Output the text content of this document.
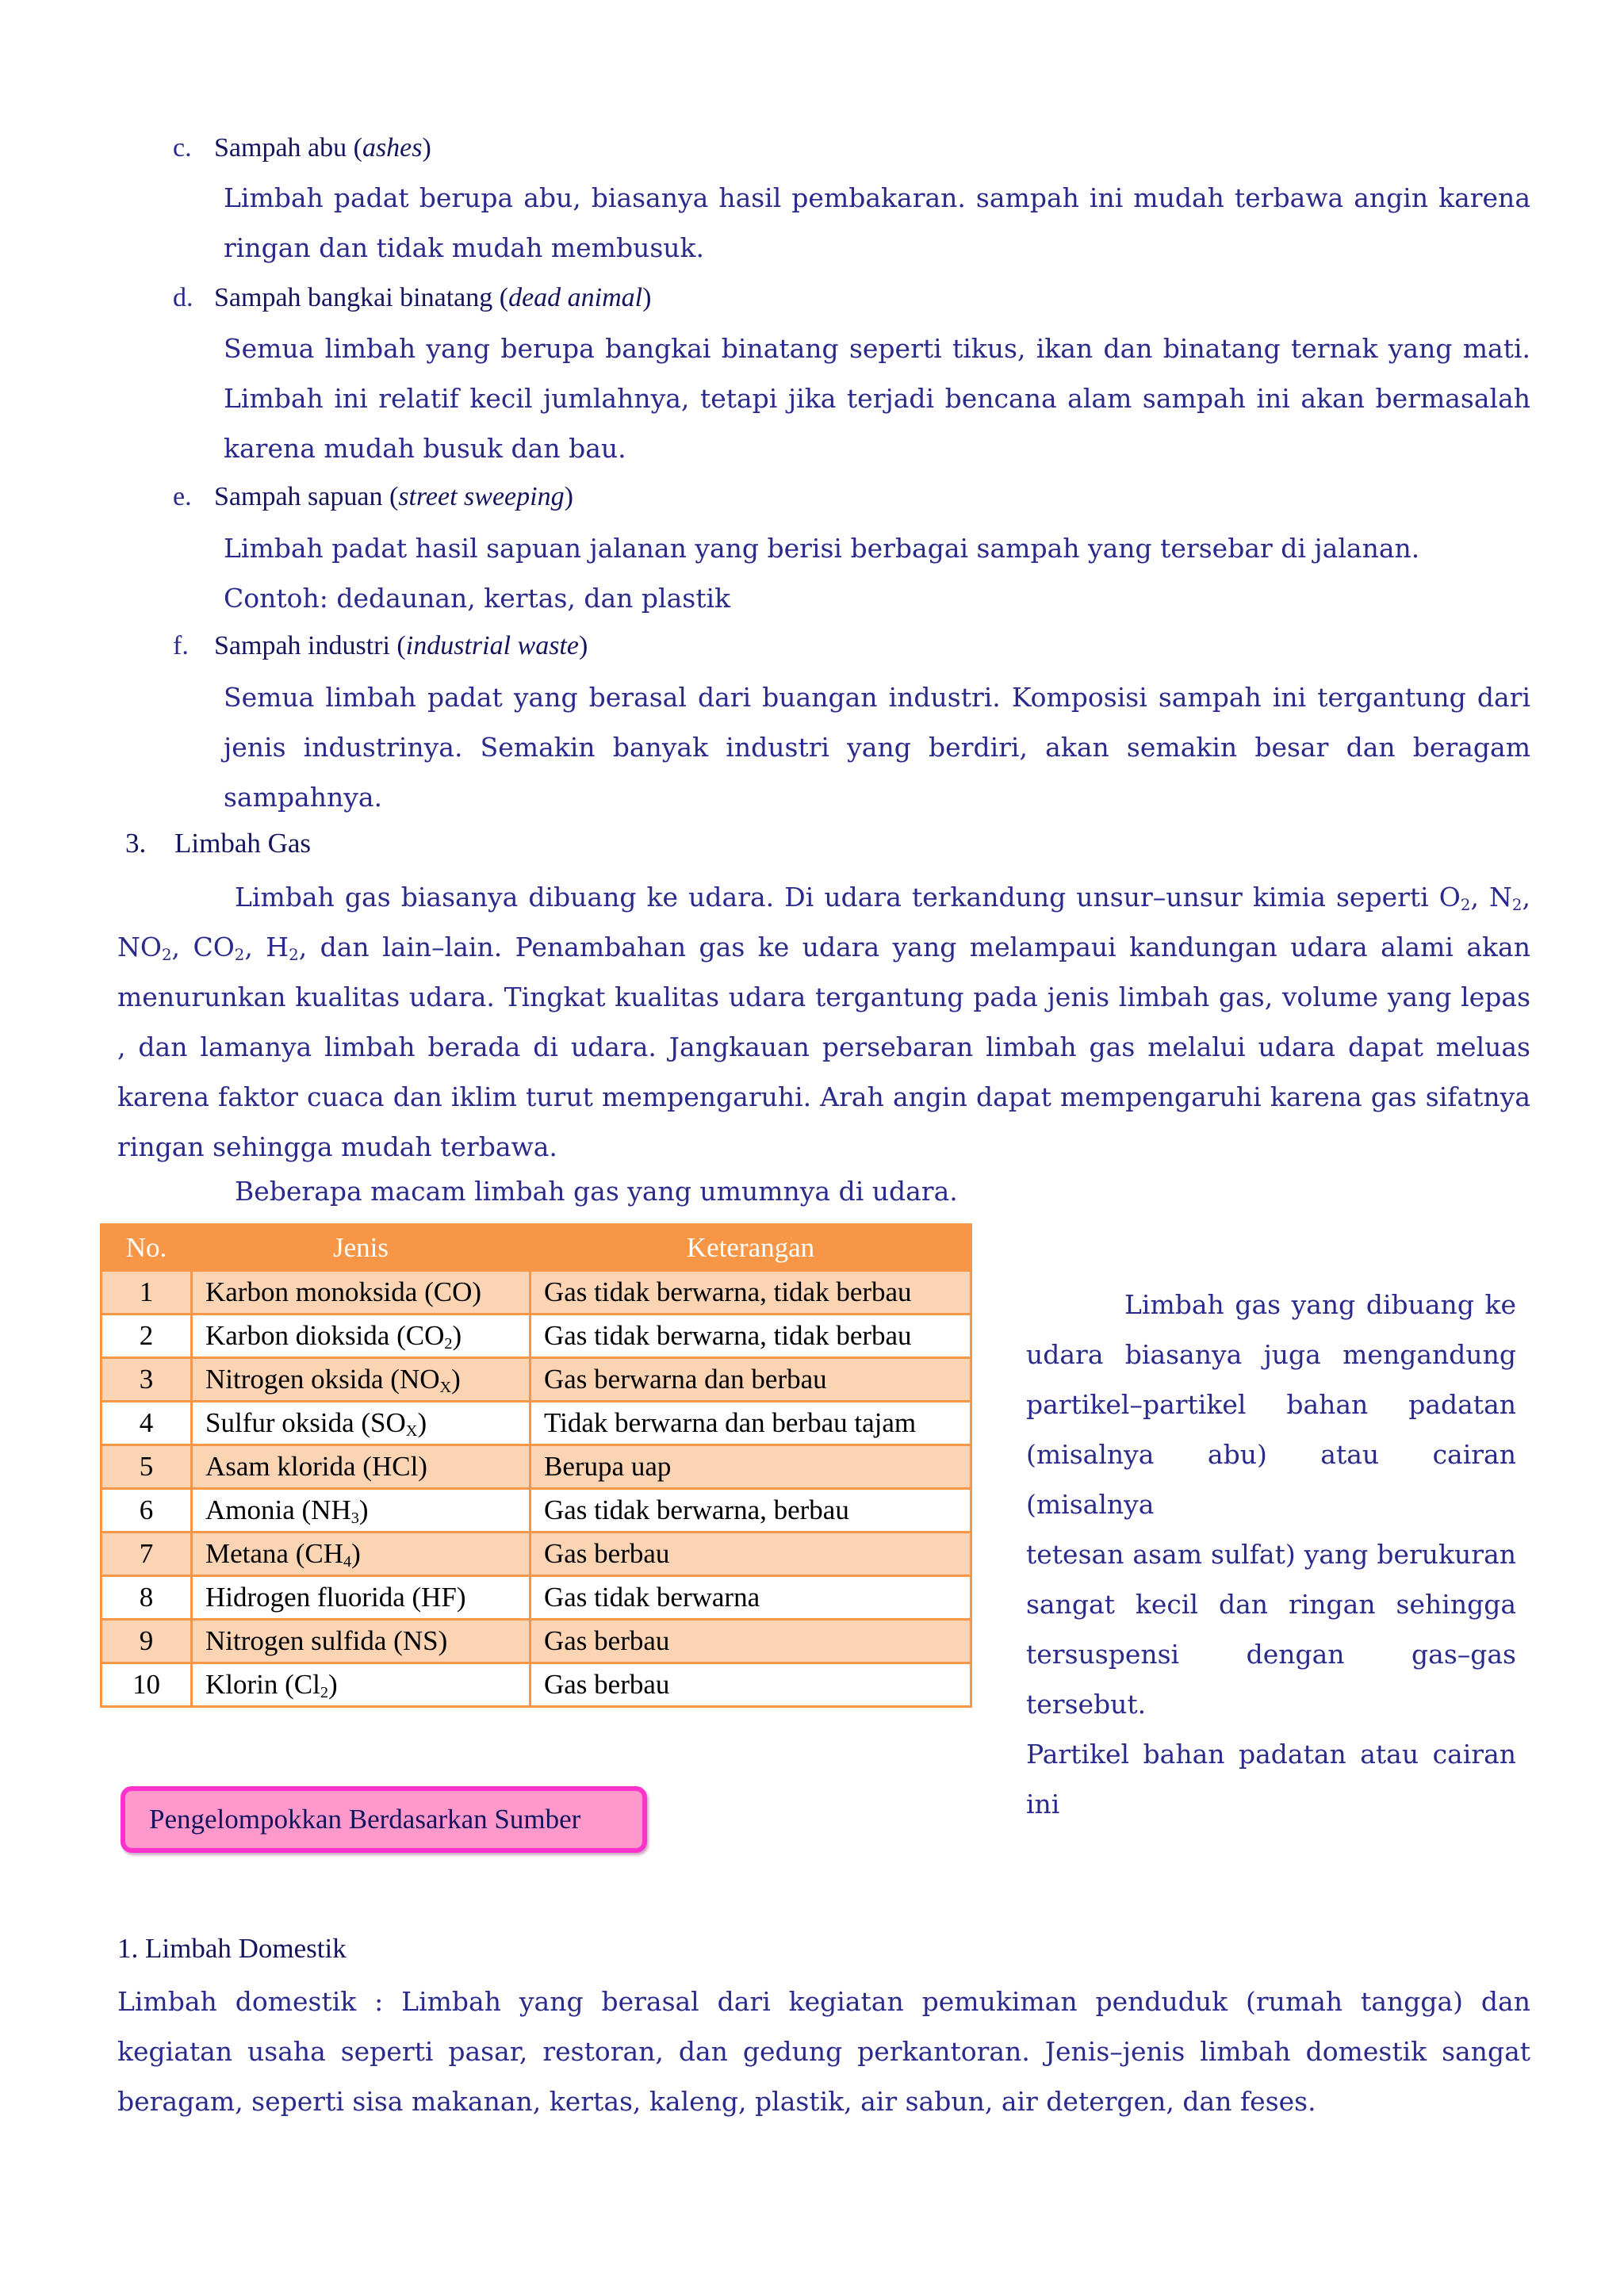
c. Sampah abu (ashes)
Limbah padat berupa abu, biasanya hasil pembakaran. sampah ini mudah terbawa angin karena ringan dan tidak mudah membusuk.
d. Sampah bangkai binatang (dead animal)
Semua limbah yang berupa bangkai binatang seperti tikus, ikan dan binatang ternak yang mati. Limbah ini relatif kecil jumlahnya, tetapi jika terjadi bencana alam sampah ini akan bermasalah karena mudah busuk dan bau.
e. Sampah sapuan (street sweeping)
Limbah padat hasil sapuan jalanan yang berisi berbagai sampah yang tersebar di jalanan.
Contoh: dedaunan, kertas, dan plastik
f. Sampah industri (industrial waste)
Semua limbah padat yang berasal dari buangan industri. Komposisi sampah ini tergantung dari jenis industrinya. Semakin banyak industri yang berdiri, akan semakin besar dan beragam sampahnya.
3. Limbah Gas
Limbah gas biasanya dibuang ke udara. Di udara terkandung unsur–unsur kimia seperti $O_2$, $N_2$, $NO_2$, $CO_2$, $H_2$, dan lain–lain. Penambahan gas ke udara yang melampaui kandungan udara alami akan menurunkan kualitas udara. Tingkat kualitas udara tergantung pada jenis limbah gas, volume yang lepas , dan lamanya limbah berada di udara. Jangkauan persebaran limbah gas melalui udara dapat meluas karena faktor cuaca dan iklim turut mempengaruhi. Arah angin dapat mempengaruhi karena gas sifatnya ringan sehingga mudah terbawa.
Beberapa macam limbah gas yang umumnya di udara.
No.	Jenis	Keterangan
1	Karbon monoksida (CO)	Gas tidak berwarna, tidak berbau
2	Karbon dioksida $(CO_2)$	Gas tidak berwarna, tidak berbau
3	Nitrogen oksida $(NO_X)$	Gas berwarna dan berbau
4	Sulfur oksida $(SO_X)$	Tidak berwarna dan berbau tajam
5	Asam klorida (HCl)	Berupa uap
6	Amonia $(NH_3)$	Gas tidak berwarna, berbau
7	Metana $(CH_4)$	Gas berbau
8	Hidrogen fluorida (HF)	Gas tidak berwarna
9	Nitrogen sulfida (NS)	Gas berbau
10	Klorin $(Cl_2)$	Gas berbau
Limbah gas yang dibuang ke
udara biasanya juga mengandung
partikel–partikel bahan padatan
(misalnya abu) atau cairan (misalnya
tetesan asam sulfat) yang berukuran
sangat kecil dan ringan sehingga
tersuspensi dengan gas–gas tersebut.
Partikel bahan padatan atau cairan ini
Pengelompokkan Berdasarkan Sumber
1. Limbah Domestik
Limbah domestik : Limbah yang berasal dari kegiatan pemukiman penduduk (rumah tangga) dan kegiatan usaha seperti pasar, restoran, dan gedung perkantoran. Jenis–jenis limbah domestik sangat beragam, seperti sisa makanan, kertas, kaleng, plastik, air sabun, air detergen, dan feses.
